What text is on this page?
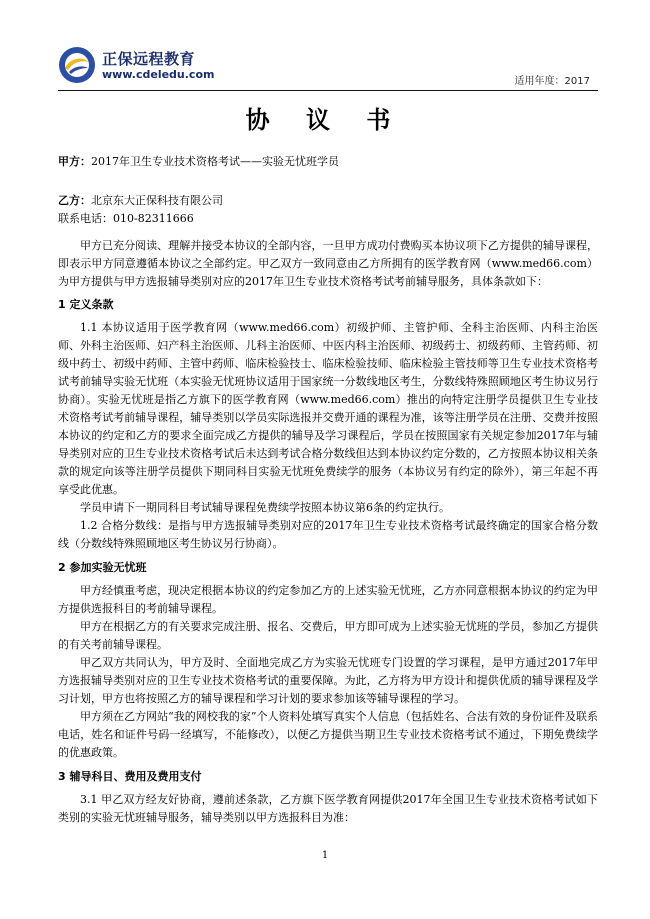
正保远程教育
www.cdeledu.com
适用年度：2017
协 议 书
甲方：2017年卫生专业技术资格考试——实验无忧班学员
乙方：北京东大正保科技有限公司
联系电话：010-82311666

甲方已充分阅读、理解并接受本协议的全部内容，一旦甲方成功付费购买本协议项下乙方提供的辅导课程，即表示甲方同意遵循本协议之全部约定。甲乙双方一致同意由乙方所拥有的医学教育网（www.med66.com）为甲方提供与甲方选报辅导类别对应的2017年卫生专业技术资格考试考前辅导服务，具体条款如下：

1 定义条款

1.1 本协议适用于医学教育网（www.med66.com）初级护师、主管护师、全科主治医师、内科主治医师、外科主治医师、妇产科主治医师、儿科主治医师、中医内科主治医师、初级药士、初级药师、主管药师、初级中药士、初级中药师、主管中药师、临床检验技士、临床检验技师、临床检验主管技师等卫生专业技术资格考试考前辅导实验无忧班（本实验无忧班协议适用于国家统一分数线地区考生，分数线特殊照顾地区考生协议另行协商）。实验无忧班是指乙方旗下的医学教育网（www.med66.com）推出的向特定注册学员提供卫生专业技术资格考试考前辅导课程，辅导类别以学员实际选报并交费开通的课程为准，该等注册学员在注册、交费并按照本协议的约定和乙方的要求全面完成乙方提供的辅导及学习课程后，学员在按照国家有关规定参加2017年与辅导类别对应的卫生专业技术资格考试后未达到考试合格分数线但达到本协议约定分数的，乙方按照本协议相关条款的规定向该等注册学员提供下期同科目实验无忧班免费续学的服务（本协议另有约定的除外），第三年起不再享受此优惠。

学员申请下一期同科目考试辅导课程免费续学按照本协议第6条的约定执行。

1.2 合格分数线：是指与甲方选报辅导类别对应的2017年卫生专业技术资格考试最终确定的国家合格分数线（分数线特殊照顾地区考生协议另行协商）。

2 参加实验无忧班

甲方经慎重考虑，现决定根据本协议的约定参加乙方的上述实验无忧班，乙方亦同意根据本协议的约定为甲方提供选报科目的考前辅导课程。

甲方在根据乙方的有关要求完成注册、报名、交费后，甲方即可成为上述实验无忧班的学员，参加乙方提供的有关考前辅导课程。

甲乙双方共同认为，甲方及时、全面地完成乙方为实验无忧班专门设置的学习课程，是甲方通过2017年甲方选报辅导类别对应的卫生专业技术资格考试的重要保障。为此，乙方将为甲方设计和提供优质的辅导课程及学习计划，甲方也将按照乙方的辅导课程和学习计划的要求参加该等辅导课程的学习。

甲方须在乙方网站“我的网校我的家”个人资料处填写真实个人信息（包括姓名、合法有效的身份证件及联系电话，姓名和证件号码一经填写，不能修改），以便乙方提供当期卫生专业技术资格考试不通过，下期免费续学的优惠政策。

3 辅导科目、费用及费用支付

3.1 甲乙双方经友好协商，遵前述条款，乙方旗下医学教育网提供2017年全国卫生专业技术资格考试如下类别的实验无忧班辅导服务，辅导类别以甲方选报科目为准：

1
